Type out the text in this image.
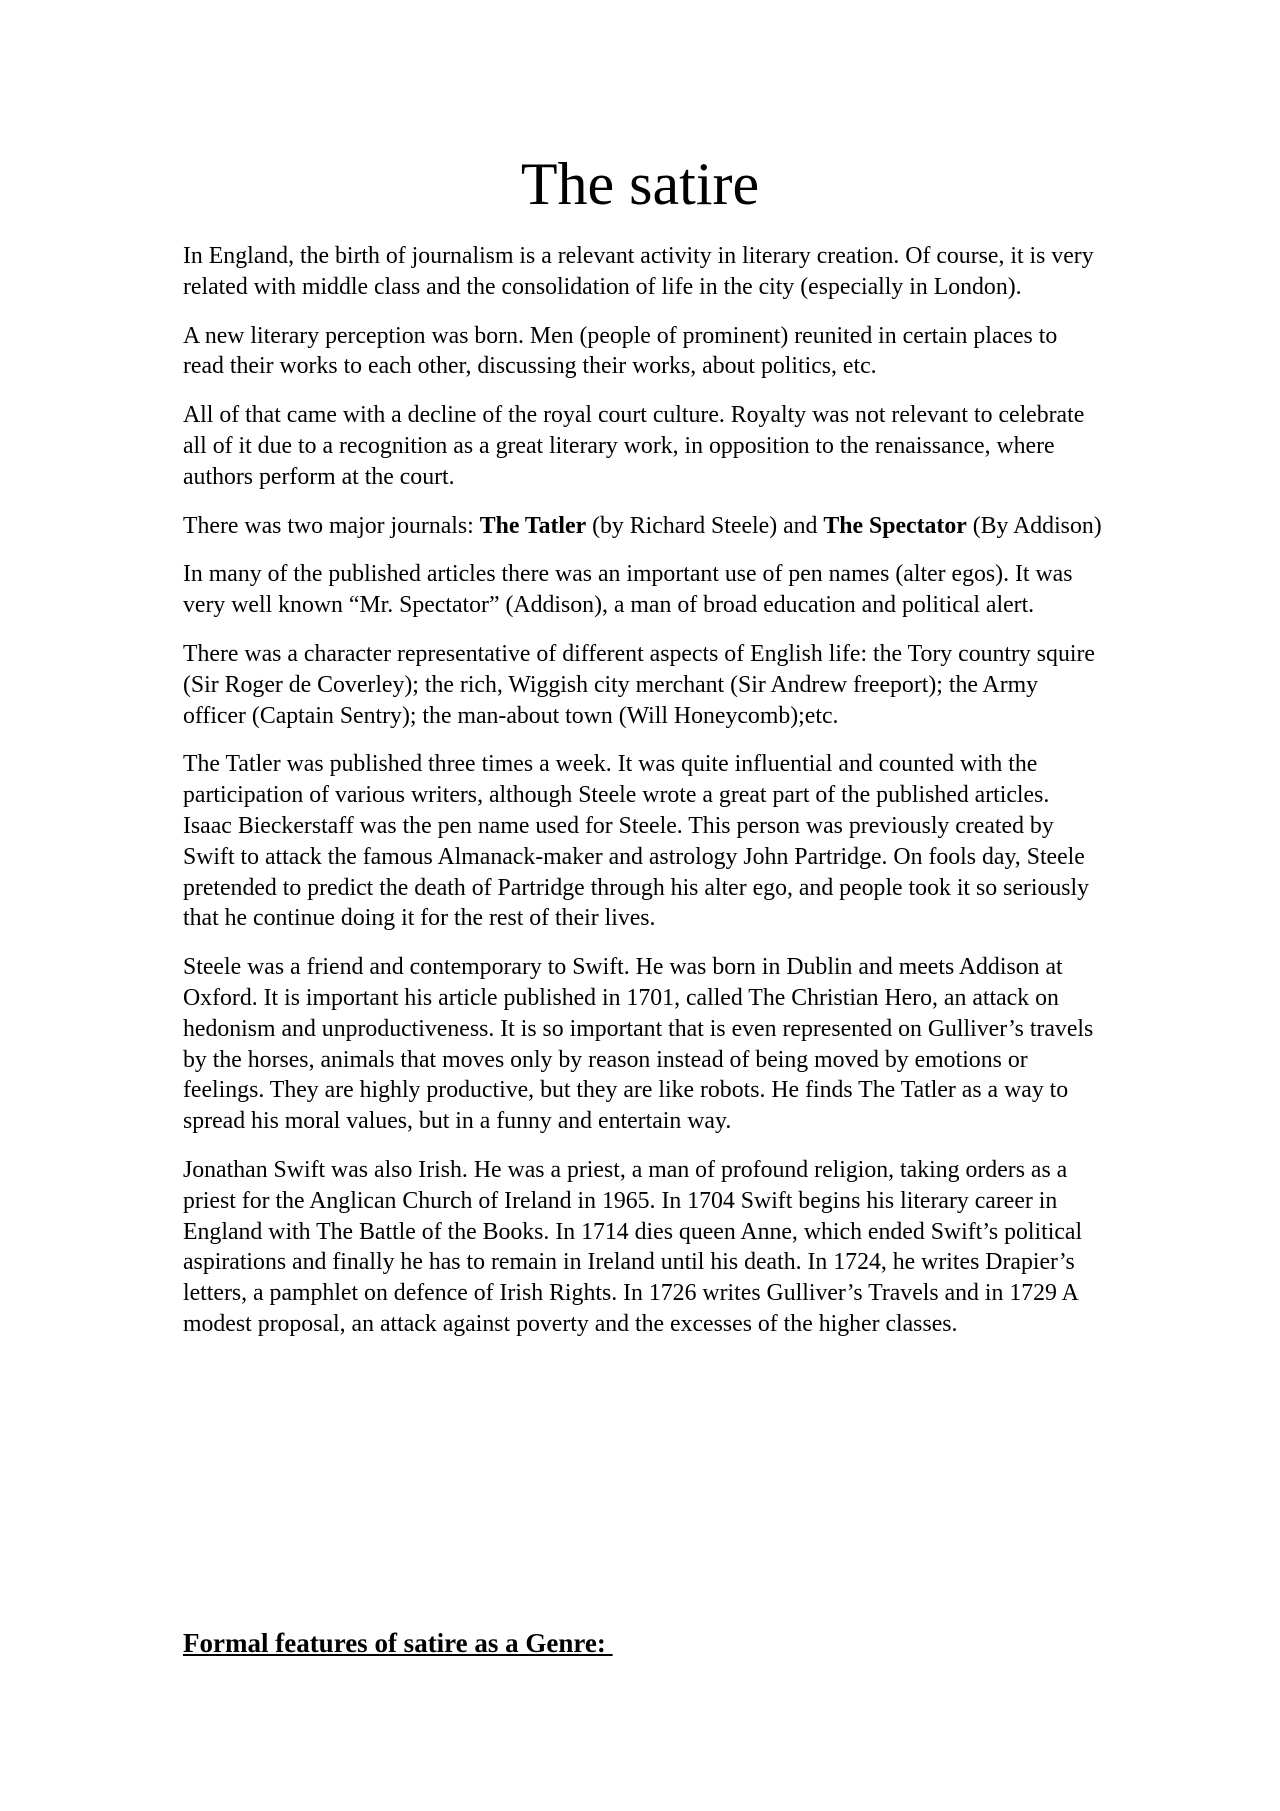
The satire

In England, the birth of journalism is a relevant activity in literary creation. Of course, it is very related with middle class and the consolidation of life in the city (especially in London).

A new literary perception was born. Men (people of prominent) reunited in certain places to read their works to each other, discussing their works, about politics, etc.

All of that came with a decline of the royal court culture. Royalty was not relevant to celebrate all of it due to a recognition as a great literary work, in opposition to the renaissance, where authors perform at the court.

There was two major journals: The Tatler (by Richard Steele) and The Spectator (By Addison)

In many of the published articles there was an important use of pen names (alter egos). It was very well known “Mr. Spectator” (Addison), a man of broad education and political alert.

There was a character representative of different aspects of English life: the Tory country squire (Sir Roger de Coverley); the rich, Wiggish city merchant (Sir Andrew freeport); the Army officer (Captain Sentry); the man-about town (Will Honeycomb);etc.

The Tatler was published three times a week. It was quite influential and counted with the participation of various writers, although Steele wrote a great part of the published articles. Isaac Bieckerstaff was the pen name used for Steele. This person was previously created by Swift to attack the famous Almanack-maker and astrology John Partridge. On fools day, Steele pretended to predict the death of Partridge through his alter ego, and people took it so seriously that he continue doing it for the rest of their lives.

Steele was a friend and contemporary to Swift. He was born in Dublin and meets Addison at Oxford. It is important his article published in 1701, called The Christian Hero, an attack on hedonism and unproductiveness. It is so important that is even represented on Gulliver’s travels by the horses, animals that moves only by reason instead of being moved by emotions or feelings. They are highly productive, but they are like robots. He finds The Tatler as a way to spread his moral values, but in a funny and entertain way.

Jonathan Swift was also Irish. He was a priest, a man of profound religion, taking orders as a priest for the Anglican Church of Ireland in 1965. In 1704 Swift begins his literary career in England with The Battle of the Books. In 1714 dies queen Anne, which ended Swift’s political aspirations and finally he has to remain in Ireland until his death. In 1724, he writes Drapier’s letters, a pamphlet on defence of Irish Rights. In 1726 writes Gulliver’s Travels and in 1729 A modest proposal, an attack against poverty and the excesses of the higher classes.

Formal features of satire as a Genre:
